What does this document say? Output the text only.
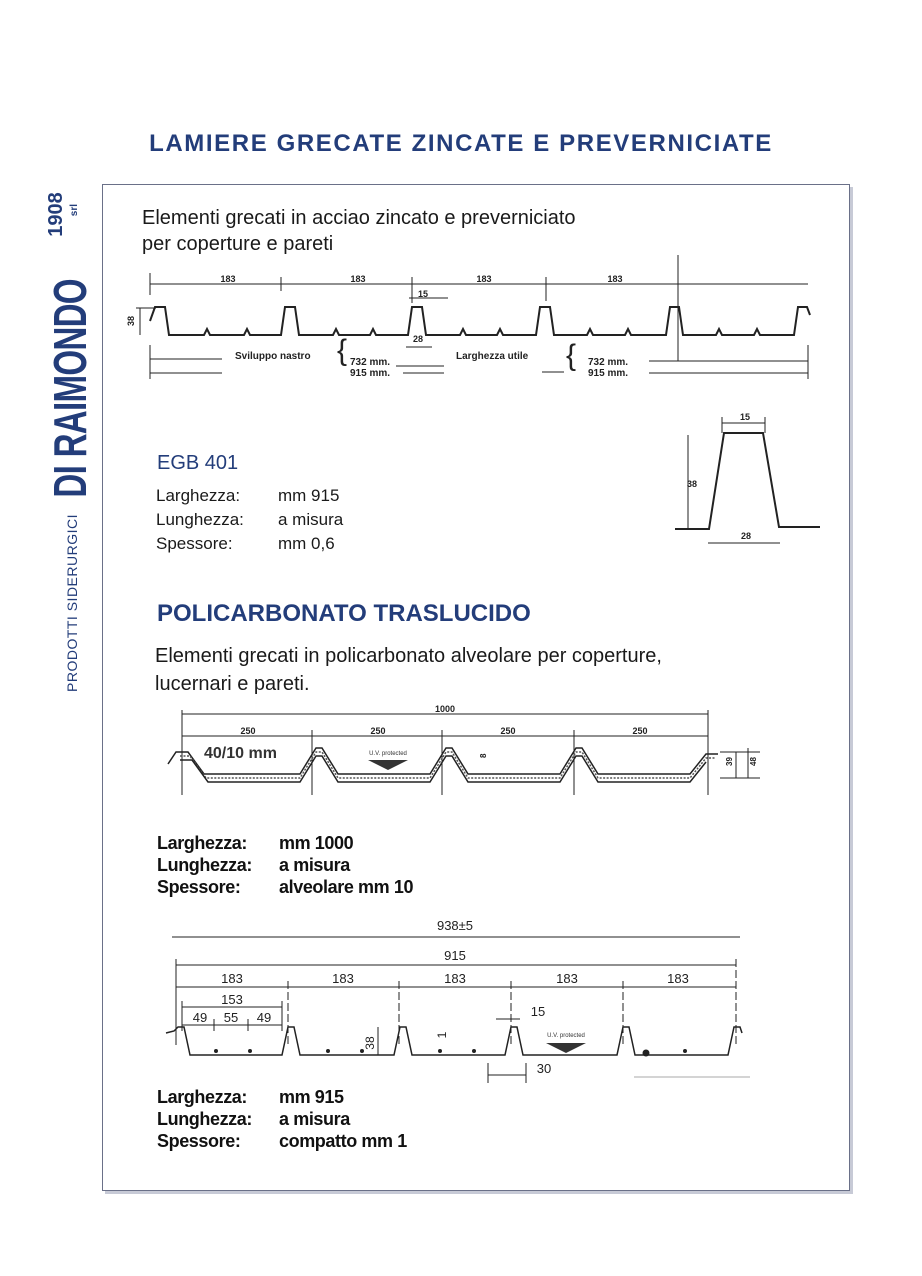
LAMIERE GRECATE ZINCATE E PREVERNICIATE
DI RAIMONDO1908 $_{srl}$
PRODOTTI SIDERURGICI
Elementi grecati in acciao zincato e preverniciato
per coperture e pareti
183	183	183	183
38
15
28
Sviluppo nastro { 732 mm.
915 mm.
Larghezza utile { 732 mm.
915 mm.
EGB 401
Larghezza: mm 915
Lunghezza: a misura
Spessore:	mm 0,6
15
38
28
POLICARBONATO TRASLUCIDO
Elementi grecati in policarbonato alveolare per coperture,
lucernari e pareti.
1000
250	250	250	250
40/10 mm	U.V. protected	8
39 48
Larghezza: mm 1000
Lunghezza: a misura
Spessore: alveolare mm 10
938±5
915
183	183	183	183	183
153
49 55 49
38
1
15
30
U.V. protected
Larghezza: mm 915
Lunghezza: a misura
Spessore: compatto mm 1
